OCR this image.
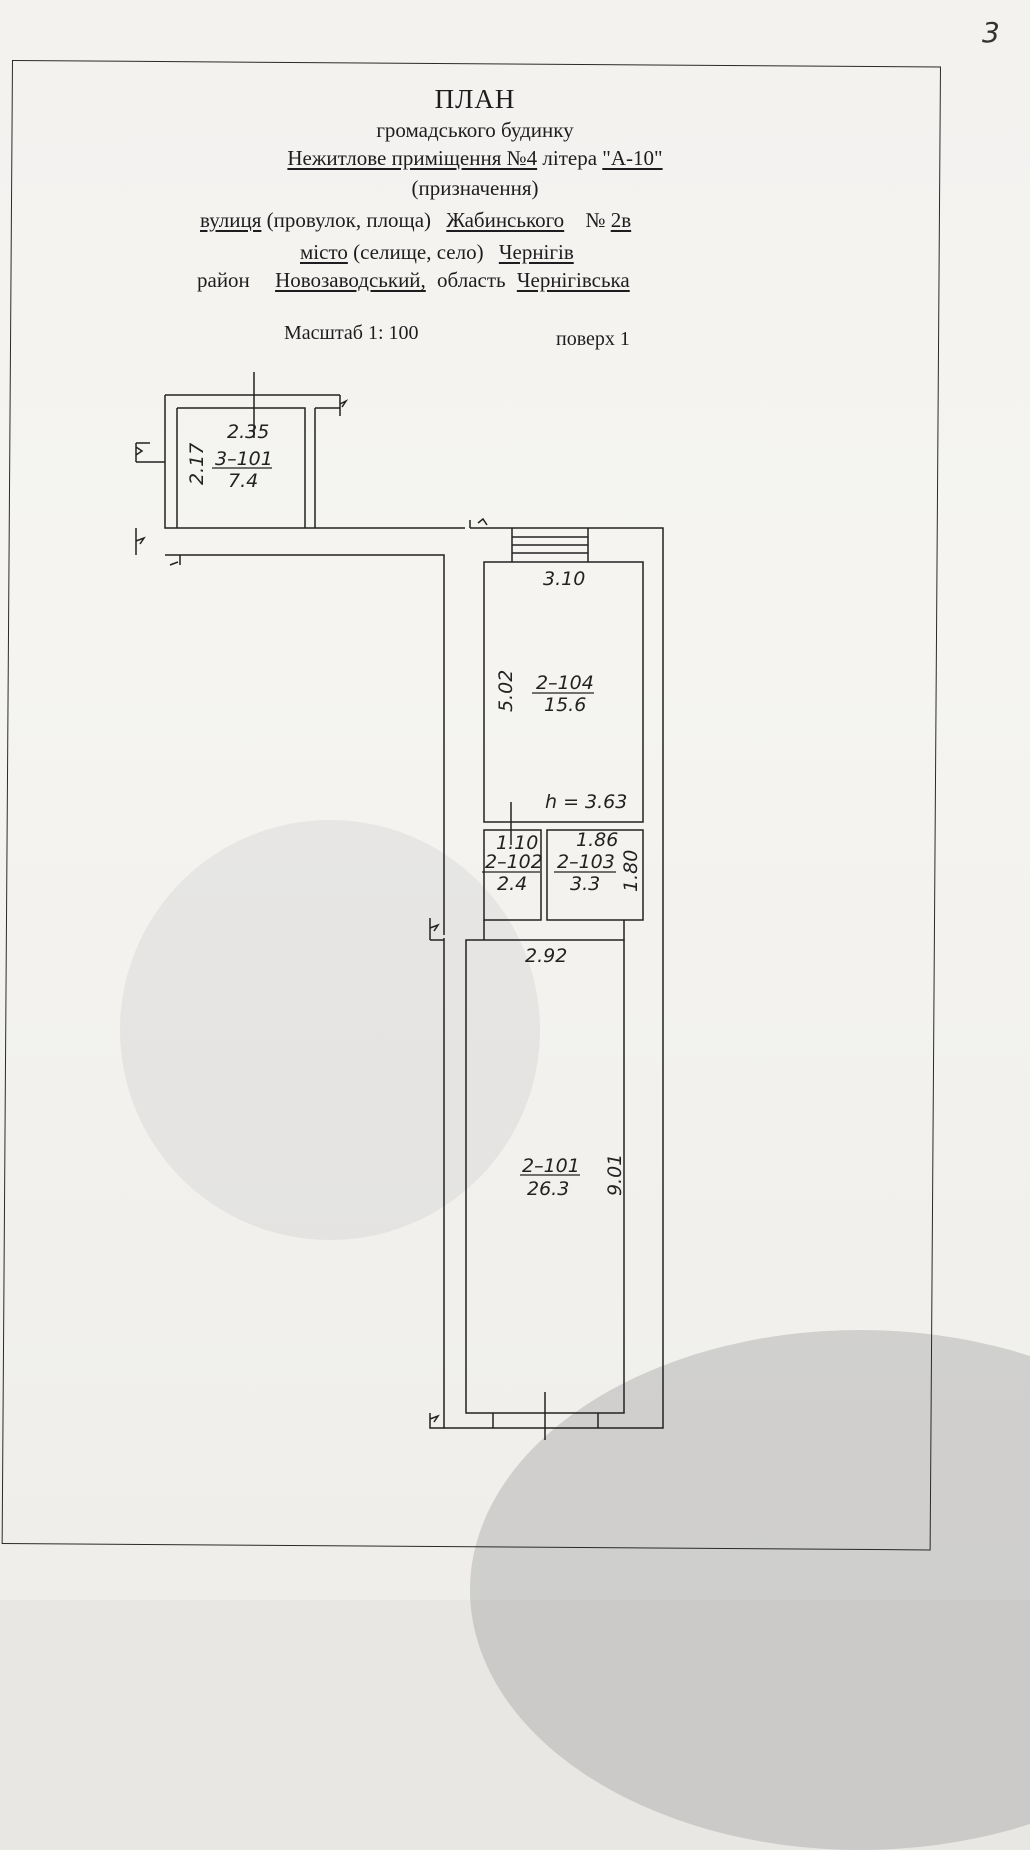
3
ПЛАН
громадського будинку
Нежитлове приміщення №4 літера "А-10"
(призначення)
вулиця (провулок, площа) Жабинського № 2в
місто (селище, село) Чернігів
район Новозаводський, область Чернігівська
Масштаб 1: 100	поверх 1
2.35
3–101
7.4
2.17
3.10
2–104
15.6
5.02
h = 3.63
1.10
2–102
2.4
1.86
2–103
3.3 1.80
2.92
2–101
26.3 9.01
